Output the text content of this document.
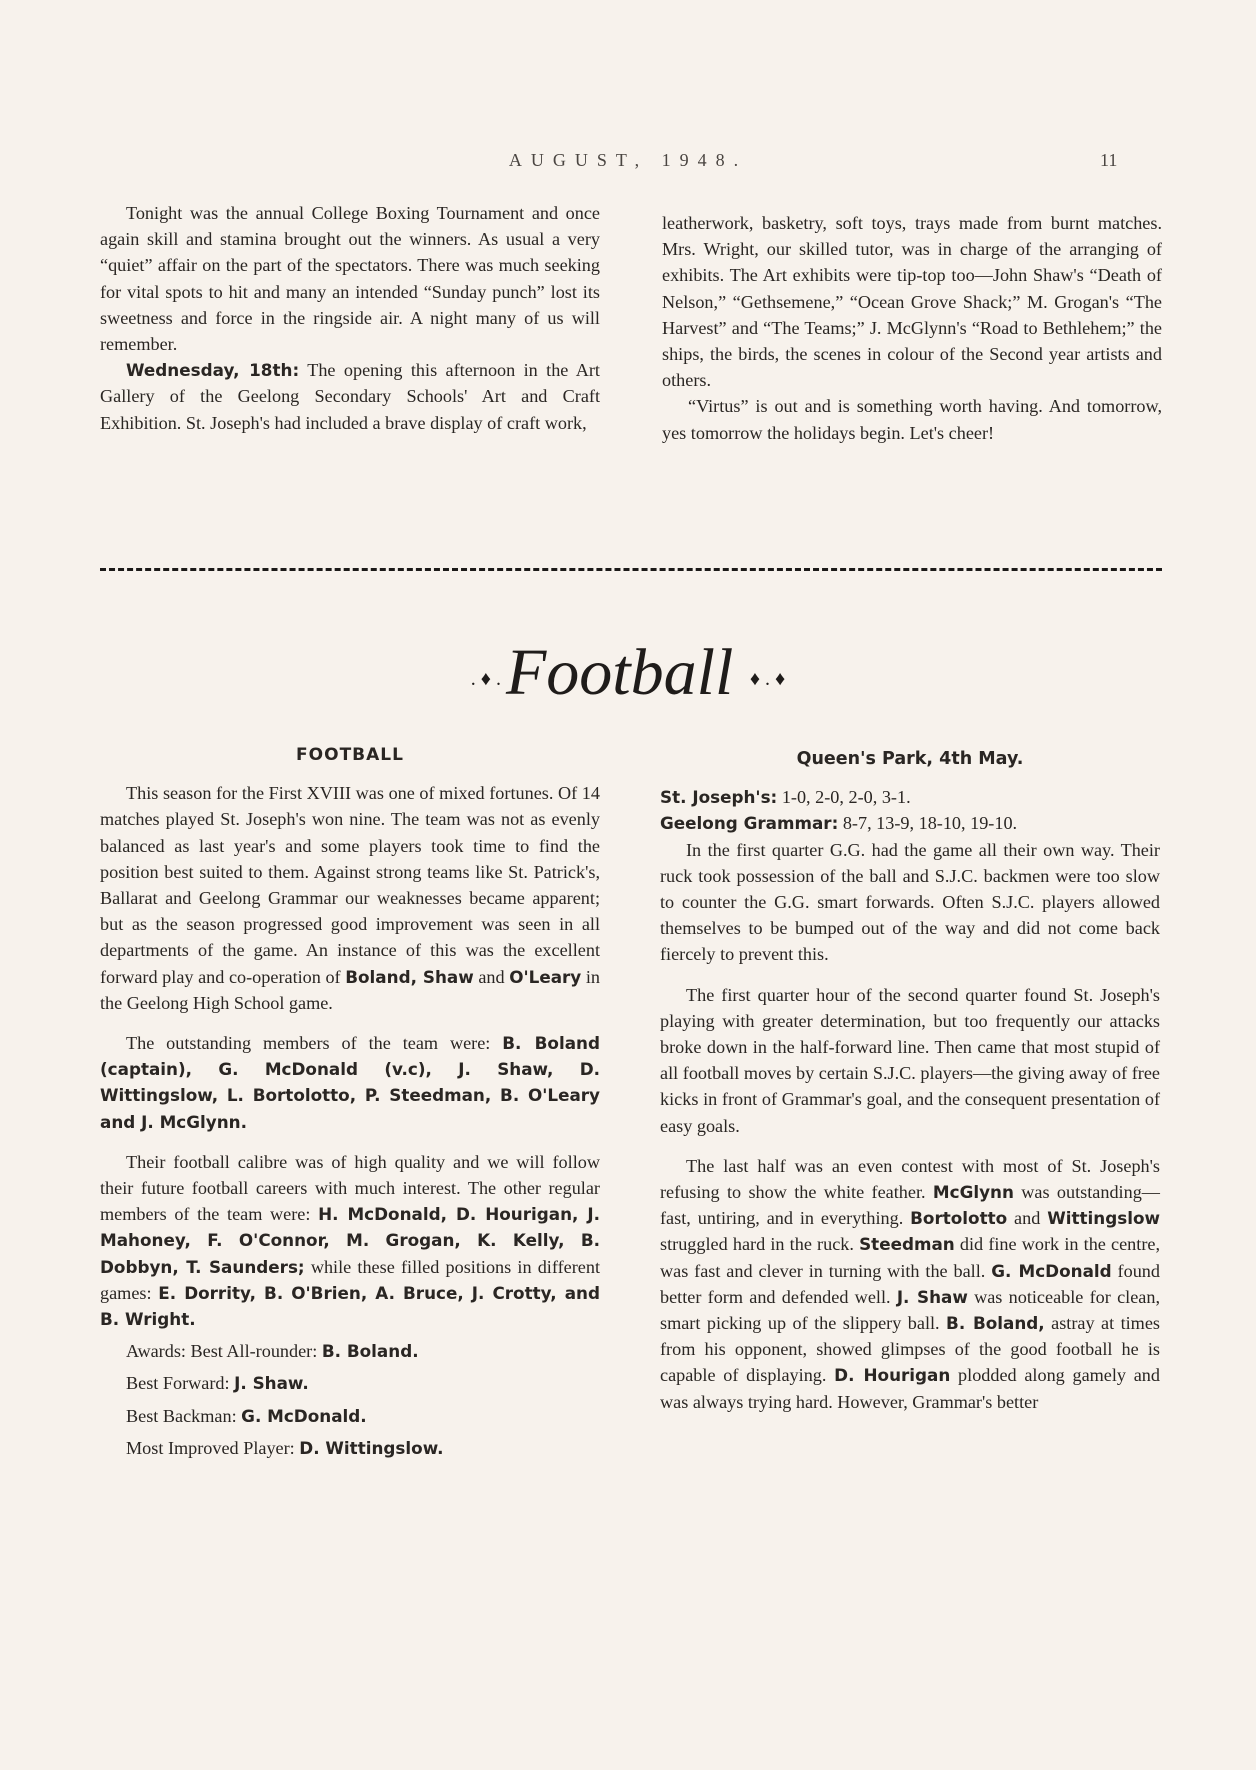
AUGUST, 1948.	11

Tonight was the annual College Boxing Tournament and once again skill and stamina brought out the winners. As usual a very “quiet” affair on the part of the spectators. There was much seeking for vital spots to hit and many an intended “Sunday punch” lost its sweetness and force in the ringside air. A night many of us will remember.

Wednesday, 18th: The opening this afternoon in the Art Gallery of the Geelong Secondary Schools' Art and Craft Exhibition. St. Joseph's had included a brave display of craft work,

leatherwork, basketry, soft toys, trays made from burnt matches. Mrs. Wright, our skilled tutor, was in charge of the arranging of exhibits. The Art exhibits were tip-top too—John Shaw's “Death of Nelson,” “Gethsemene,” “Ocean Grove Shack;” M. Grogan's “The Harvest” and “The Teams;” J. McGlynn's “Road to Bethlehem;” the ships, the birds, the scenes in colour of the Second year artists and others.

“Virtus” is out and is something worth having. And tomorrow, yes tomorrow the holidays begin. Let's cheer!

. ♦ . Football ♦ . ♦

FOOTBALL

This season for the First XVIII was one of mixed fortunes. Of 14 matches played St. Joseph's won nine. The team was not as evenly balanced as last year's and some players took time to find the position best suited to them. Against strong teams like St. Patrick's, Ballarat and Geelong Grammar our weaknesses became apparent; but as the season progressed good improvement was seen in all departments of the game. An instance of this was the excellent forward play and co-operation of Boland, Shaw and O'Leary in the Geelong High School game.

The outstanding members of the team were: B. Boland (captain), G. McDonald (v.c), J. Shaw, D. Wittingslow, L. Bortolotto, P. Steedman, B. O'Leary and J. McGlynn.

Their football calibre was of high quality and we will follow their future football careers with much interest. The other regular members of the team were: H. McDonald, D. Hourigan, J. Mahoney, F. O'Connor, M. Grogan, K. Kelly, B. Dobbyn, T. Saunders; while these filled positions in different games: E. Dorrity, B. O'Brien, A. Bruce, J. Crotty, and B. Wright.

Awards: Best All-rounder: B. Boland.

Best Forward: J. Shaw.

Best Backman: G. McDonald.

Most Improved Player: D. Wittingslow.

Queen's Park, 4th May.

St. Joseph's: 1-0, 2-0, 2-0, 3-1.

Geelong Grammar: 8-7, 13-9, 18-10, 19-10.

In the first quarter G.G. had the game all their own way. Their ruck took possession of the ball and S.J.C. backmen were too slow to counter the G.G. smart forwards. Often S.J.C. players allowed themselves to be bumped out of the way and did not come back fiercely to prevent this.

The first quarter hour of the second quarter found St. Joseph's playing with greater determination, but too frequently our attacks broke down in the half-forward line. Then came that most stupid of all football moves by certain S.J.C. players—the giving away of free kicks in front of Grammar's goal, and the consequent presentation of easy goals.

The last half was an even contest with most of St. Joseph's refusing to show the white feather. McGlynn was outstanding—fast, untiring, and in everything. Bortolotto and Wittingslow struggled hard in the ruck. Steedman did fine work in the centre, was fast and clever in turning with the ball. G. McDonald found better form and defended well. J. Shaw was noticeable for clean, smart picking up of the slippery ball. B. Boland, astray at times from his opponent, showed glimpses of the good football he is capable of displaying. D. Hourigan plodded along gamely and was always trying hard. However, Grammar's better
